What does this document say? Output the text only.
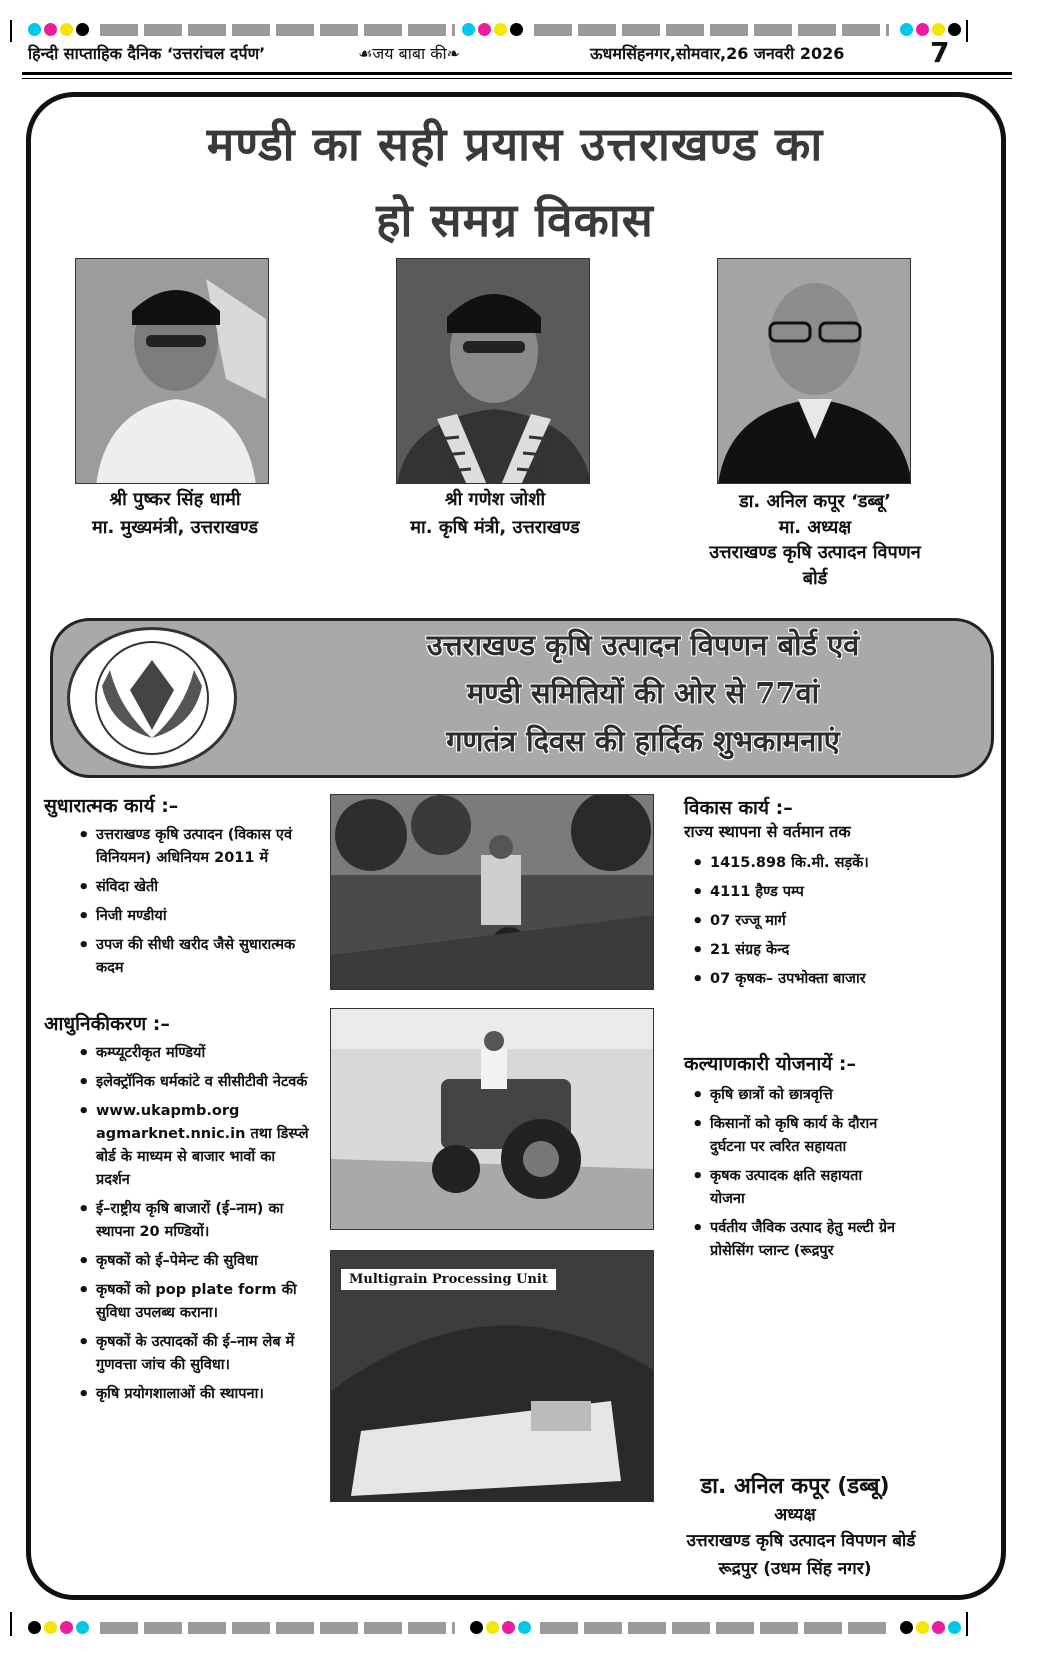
हिन्दी साप्ताहिक दैनिक ‘उत्तरांचल दर्पण’	☙जय बाबा की❧	ऊधमसिंहनगर,सोमवार,26 जनवरी 2026	7
मण्डी का सही प्रयास उत्तराखण्ड का
हो समग्र विकास
श्री पुष्कर सिंह धामी
मा. मुख्यमंत्री, उत्तराखण्ड
श्री गणेश जोशी
मा. कृषि मंत्री, उत्तराखण्ड
डा. अनिल कपूर ‘डब्बू’
मा. अध्यक्ष
उत्तराखण्ड कृषि उत्पादन विपणन बोर्ड
उत्तराखण्ड कृषि उत्पादन विपणन बोर्ड एवं
मण्डी समितियों की ओर से 77वां
गणतंत्र दिवस की हार्दिक शुभकामनाएं
सुधारात्मक कार्य :–
• उत्तराखण्ड कृषि उत्पादन (विकास एवं विनियमन) अधिनियम 2011 में
• संविदा खेती
• निजी मण्डीयां
• उपज की सीधी खरीद जैसे सुधारात्मक कदम
आधुनिकीकरण :–
• कम्प्यूटरीकृत मण्डियों
• इलेक्ट्रॉनिक धर्मकांटे व सीसीटीवी नेटवर्क
• www.ukapmb.org agmarknet.nnic.in तथा डिस्प्ले बोर्ड के माध्यम से बाजार भावों का प्रदर्शन
• ई–राष्ट्रीय कृषि बाजारों (ई–नाम) का स्थापना 20 मण्डियों।
• कृषकों को ई–पेमेन्ट की सुविधा
• कृषकों को pop plate form की सुविधा उपलब्ध कराना।
• कृषकों के उत्पादकों की ई–नाम लेब में गुणवत्ता जांच की सुविधा।
• कृषि प्रयोगशालाओं की स्थापना।
Multigrain Processing Unit
विकास कार्य :–
राज्य स्थापना से वर्तमान तक
• 1415.898 कि.मी. सड़कें।
• 4111 हैण्ड पम्प
• 07 रज्जू मार्ग
• 21 संग्रह केन्द
• 07 कृषक– उपभोक्ता बाजार
कल्याणकारी योजनायें :–
• कृषि छात्रों को छात्रवृत्ति
• किसानों को कृषि कार्य के दौरान दुर्घटना पर त्वरित सहायता
• कृषक उत्पादक क्षति सहायता योजना
• पर्वतीय जैविक उत्पाद हेतु मल्टी ग्रेन प्रोसेसिंग प्लान्ट (रूद्रपुर
डा. अनिल कपूर (डब्बू)
अध्यक्ष
उत्तराखण्ड कृषि उत्पादन विपणन बोर्ड
रूद्रपुर (उधम सिंह नगर)
